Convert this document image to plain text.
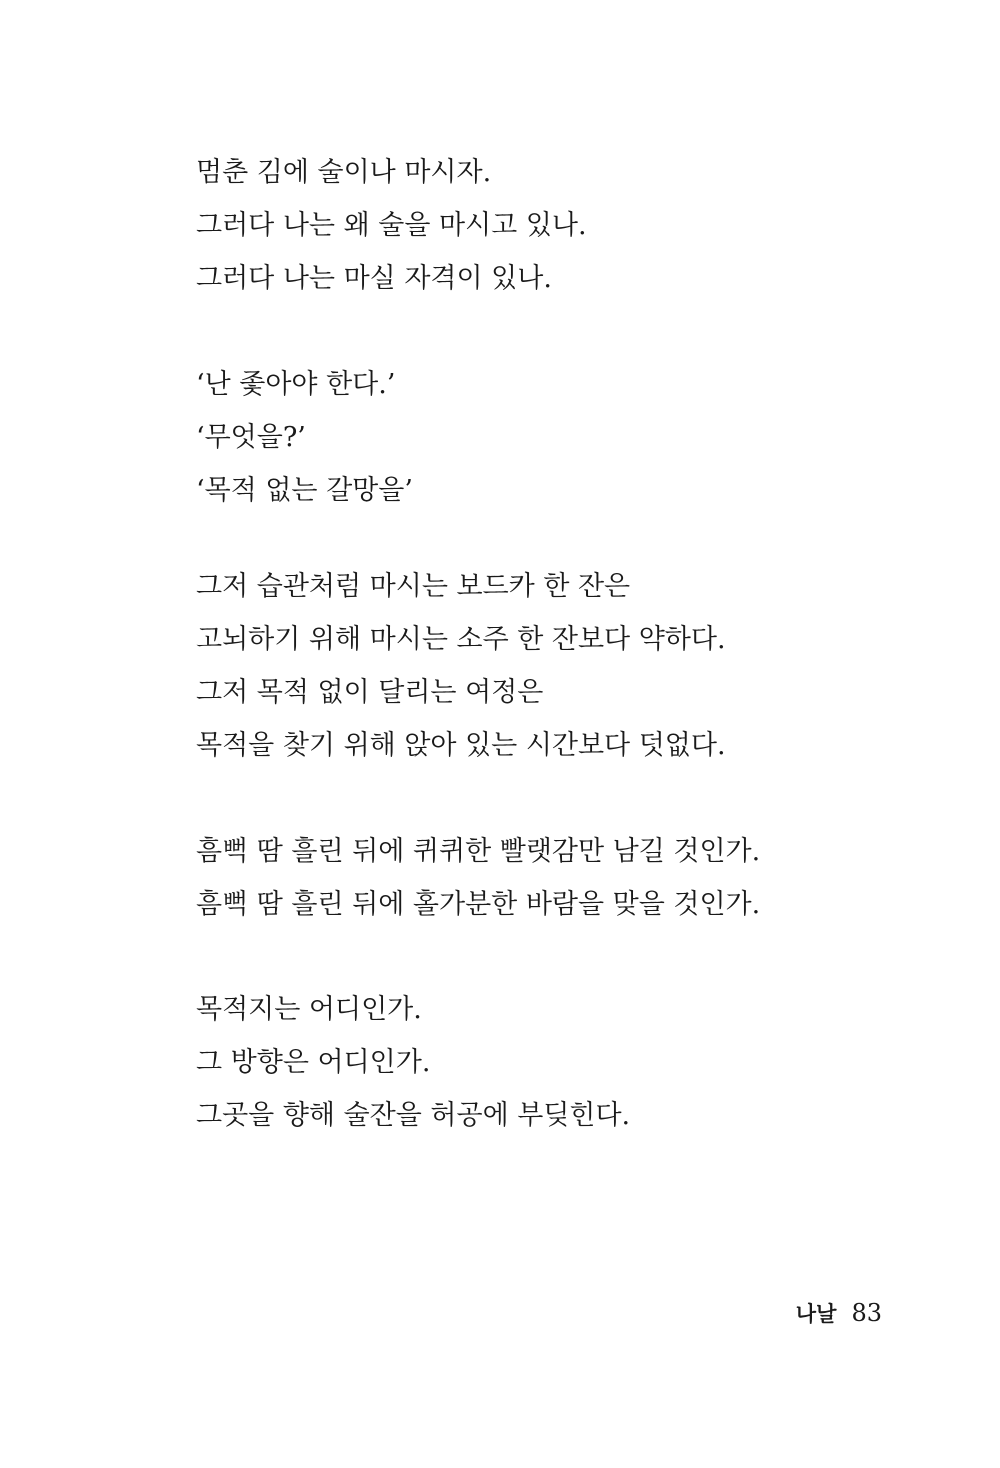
멈춘 김에 술이나 마시자.
그러다 나는 왜 술을 마시고 있나.
그러다 나는 마실 자격이 있나.
‘난 좇아야 한다.’
‘무엇을?’
‘목적 없는 갈망을’
그저 습관처럼 마시는 보드카 한 잔은
고뇌하기 위해 마시는 소주 한 잔보다 약하다.
그저 목적 없이 달리는 여정은
목적을 찾기 위해 앉아 있는 시간보다 덧없다.
흠뻑 땀 흘린 뒤에 퀴퀴한 빨랫감만 남길 것인가.
흠뻑 땀 흘린 뒤에 홀가분한 바람을 맞을 것인가.
목적지는 어디인가.
그 방향은 어디인가.
그곳을 향해 술잔을 허공에 부딪힌다.
나날 83
